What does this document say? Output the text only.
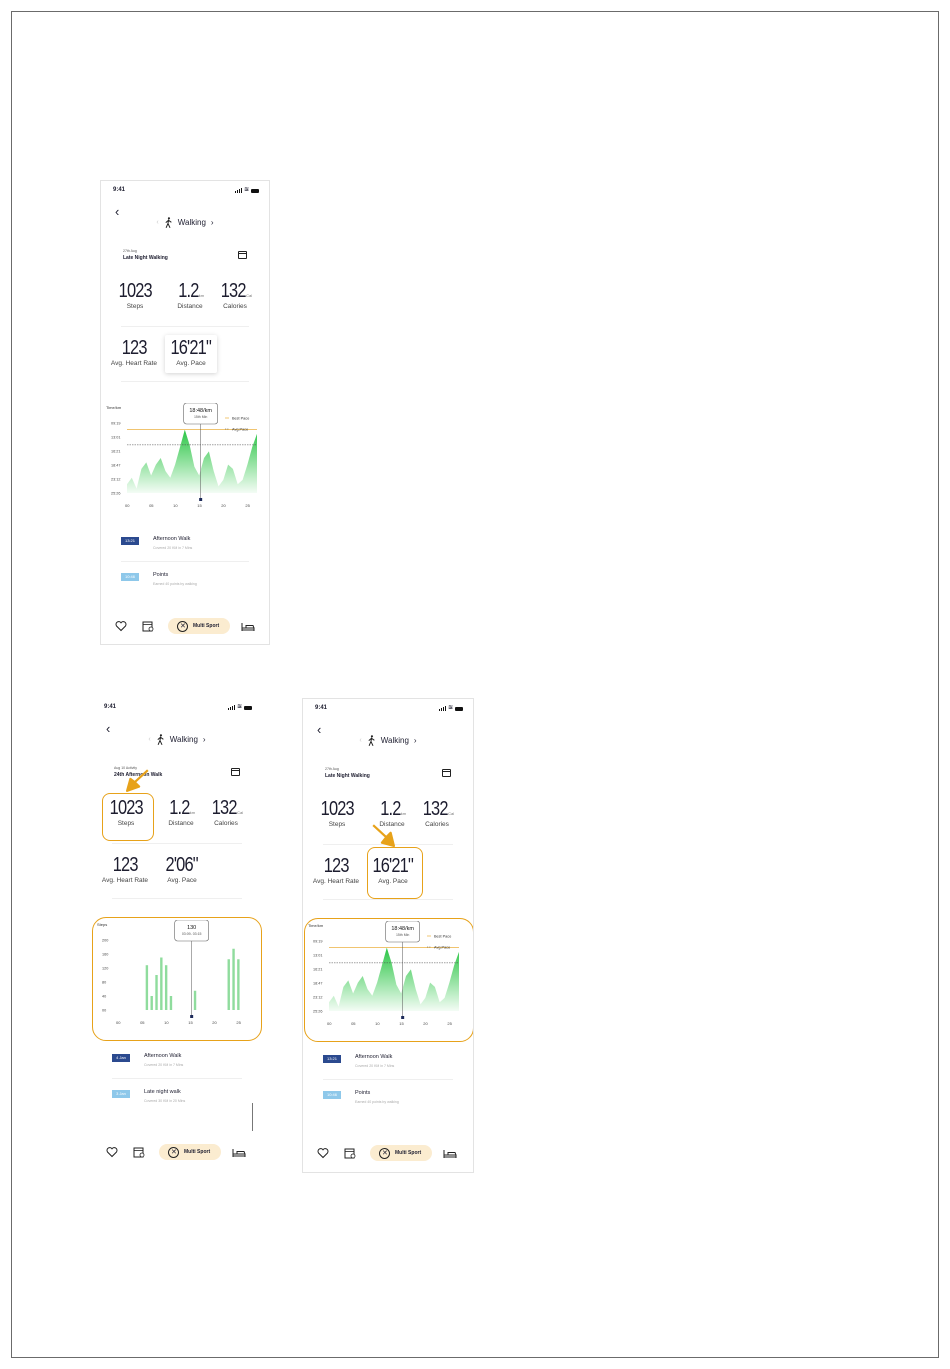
9:41	≋
‹
‹ Walking ›
27th Aug
Late Night Walking
1023
Steps
1.2km
Distance
132Cal
Calories
123
Avg. Heart Rate
16'21"
Avg. Pace
Time/km
09:19
13:01
16:21
18:47
23:12
25:26
00	05	10	15	20	25
Best Pace
Avg.Pace
18:48/km
15th Min
13:21	Afternoon Walk
Covered 20 KM in 7 Mins
10:46	Points
Earned 40 points by walking
✕
Multi Sport
9:41	≋
‹
‹ Walking ›
Aug 10 Activity
24th Afternoon Walk
1023
Steps
1.2km
Distance
132Cal
Calories
123
Avg. Heart Rate
2'06"
Avg. Pace
Steps
200
160
120
80
40
00
00	05	10	15	20	25
130
03:09- 03:15
4 Jan	Afternoon Walk
Covered 20 KM in 7 Mins
3 Jan	Late night walk
Covered 30 KM in 20 Mins
✕
Multi Sport
9:41	≋
‹
‹ Walking ›
27th Aug
Late Night Walking
1023
Steps
1.2km
Distance
132Cal
Calories
123
Avg. Heart Rate
16'21"
Avg. Pace
Time/km
09:19
13:01
16:21
18:47
23:12
25:26
00	05	10	15	20	25
Best Pace
Avg.Pace
18:48/km
15th Min
13:21	Afternoon Walk
Covered 20 KM in 7 Mins
10:46	Points
Earned 40 points by walking
✕
Multi Sport
